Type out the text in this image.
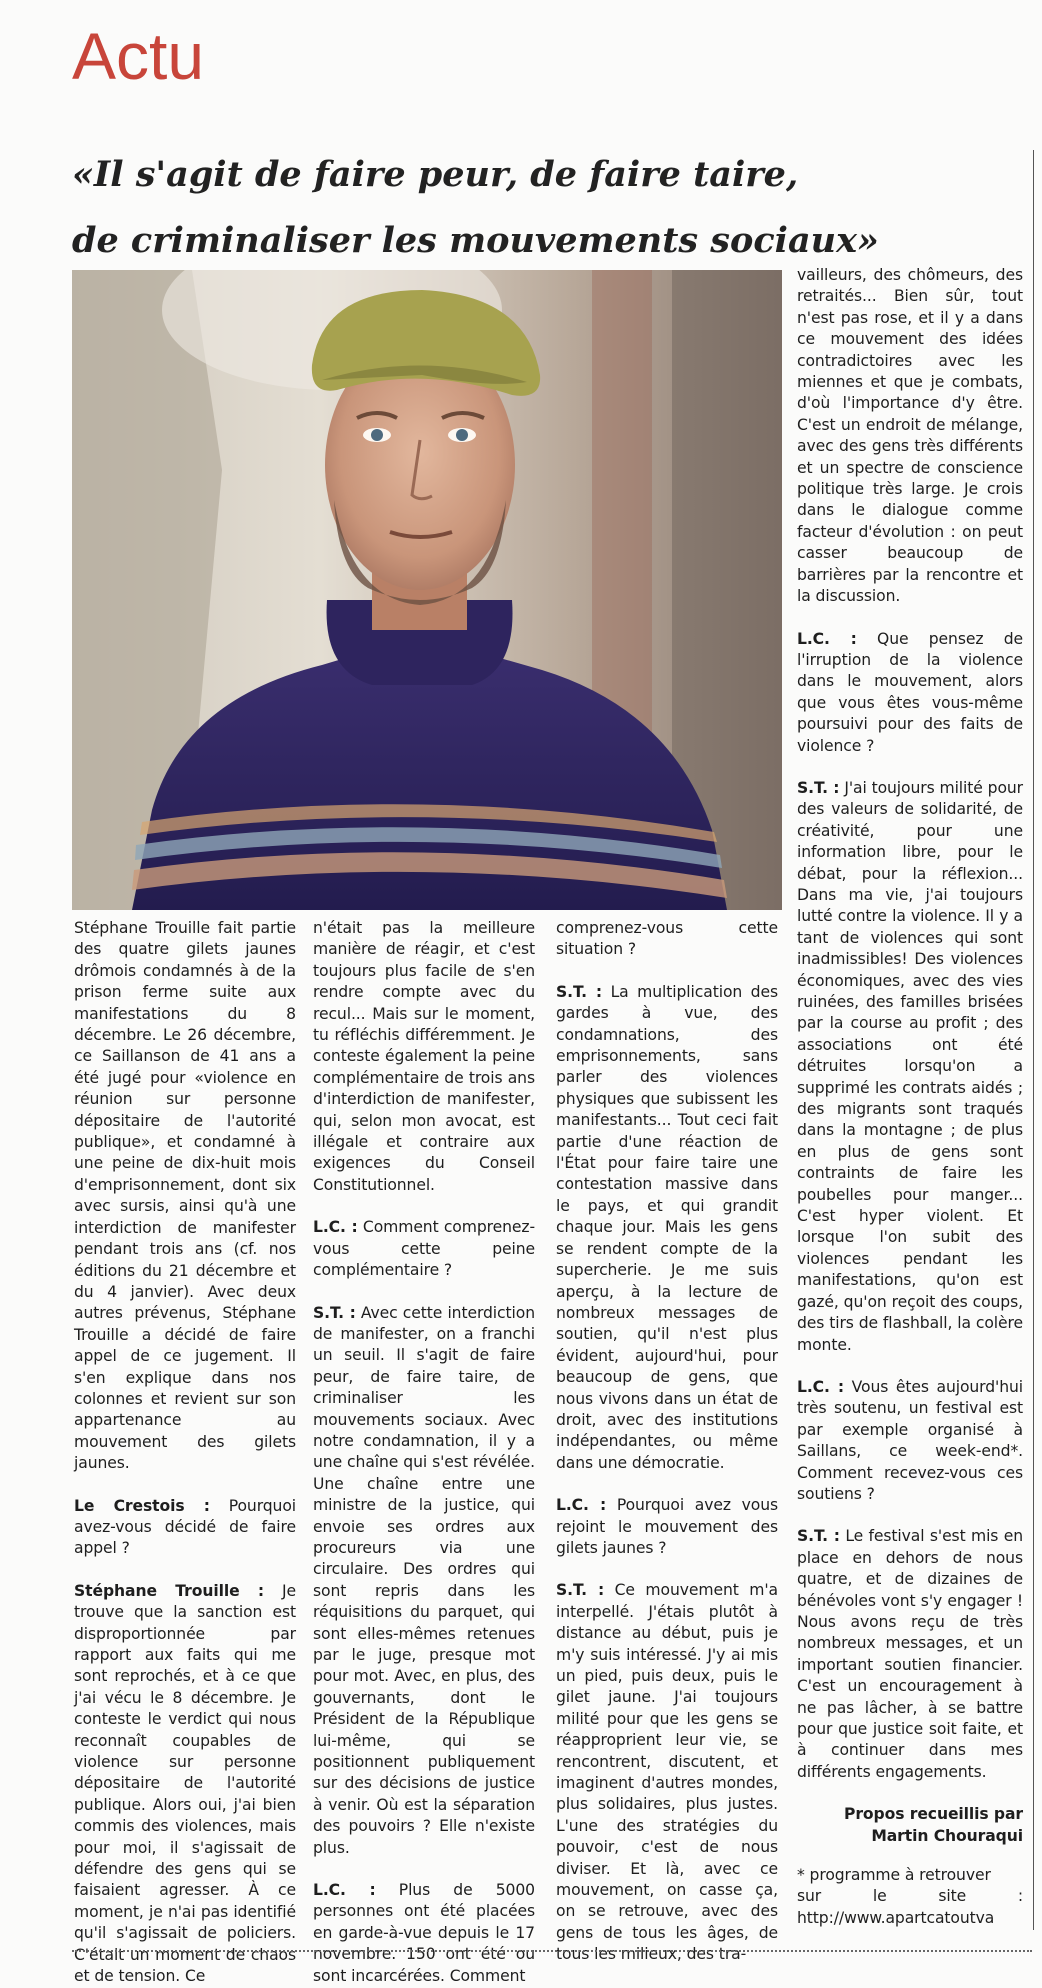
Actu
«Il s'agit de faire peur, de faire taire,
de criminaliser les mouvements sociaux»

Stéphane Trouille fait partie des quatre gilets jaunes drômois condamnés à de la prison ferme suite aux manifestations du 8 décembre. Le 26 décembre, ce Saillanson de 41 ans a été jugé pour «violence en réunion sur personne dépositaire de l'autorité publique», et condamné à une peine de dix-huit mois d'emprisonnement, dont six avec sursis, ainsi qu'à une interdiction de manifester pendant trois ans (cf. nos éditions du 21 décembre et du 4 janvier). Avec deux autres prévenus, Stéphane Trouille a décidé de faire appel de ce jugement. Il s'en explique dans nos colonnes et revient sur son appartenance au mouvement des gilets jaunes.

Le Crestois : Pourquoi avez-vous décidé de faire appel ?

Stéphane Trouille : Je trouve que la sanction est disproportionnée par rapport aux faits qui me sont reprochés, et à ce que j'ai vécu le 8 décembre. Je conteste le verdict qui nous reconnaît coupables de violence sur personne dépositaire de l'autorité publique. Alors oui, j'ai bien commis des violences, mais pour moi, il s'agissait de défendre des gens qui se faisaient agresser. À ce moment, je n'ai pas identifié qu'il s'agissait de policiers. C'était un moment de chaos et de tension. Ce

n'était pas la meilleure manière de réagir, et c'est toujours plus facile de s'en rendre compte avec du recul... Mais sur le moment, tu réfléchis différemment. Je conteste également la peine complémentaire de trois ans d'interdiction de manifester, qui, selon mon avocat, est illégale et contraire aux exigences du Conseil Constitutionnel.

L.C. : Comment comprenez-vous cette peine complémentaire ?

S.T. : Avec cette interdiction de manifester, on a franchi un seuil. Il s'agit de faire peur, de faire taire, de criminaliser les mouvements sociaux. Avec notre condamnation, il y a une chaîne qui s'est révélée. Une chaîne entre une ministre de la justice, qui envoie ses ordres aux procureurs via une circulaire. Des ordres qui sont repris dans les réquisitions du parquet, qui sont elles-mêmes retenues par le juge, presque mot pour mot. Avec, en plus, des gouvernants, dont le Président de la République lui-même, qui se positionnent publiquement sur des décisions de justice à venir. Où est la séparation des pouvoirs ? Elle n'existe plus.

L.C. : Plus de 5000 personnes ont été placées en garde-à-vue depuis le 17 novembre. 150 ont été ou sont incarcérées. Comment

comprenez-vous cette situation ?

S.T. : La multiplication des gardes à vue, des condamnations, des emprisonnements, sans parler des violences physiques que subissent les manifestants... Tout ceci fait partie d'une réaction de l'État pour faire taire une contestation massive dans le pays, et qui grandit chaque jour. Mais les gens se rendent compte de la supercherie. Je me suis aperçu, à la lecture de nombreux messages de soutien, qu'il n'est plus évident, aujourd'hui, pour beaucoup de gens, que nous vivons dans un état de droit, avec des institutions indépendantes, ou même dans une démocratie.

L.C. : Pourquoi avez vous rejoint le mouvement des gilets jaunes ?

S.T. : Ce mouvement m'a interpellé. J'étais plutôt à distance au début, puis je m'y suis intéressé. J'y ai mis un pied, puis deux, puis le gilet jaune. J'ai toujours milité pour que les gens se réapproprient leur vie, se rencontrent, discutent, et imaginent d'autres mondes, plus solidaires, plus justes. L'une des stratégies du pouvoir, c'est de nous diviser. Et là, avec ce mouvement, on casse ça, on se retrouve, avec des gens de tous les âges, de tous les milieux, des tra-

vailleurs, des chômeurs, des retraités... Bien sûr, tout n'est pas rose, et il y a dans ce mouvement des idées contradictoires avec les miennes et que je combats, d'où l'importance d'y être. C'est un endroit de mélange, avec des gens très différents et un spectre de conscience politique très large. Je crois dans le dialogue comme facteur d'évolution : on peut casser beaucoup de barrières par la rencontre et la discussion.

L.C. : Que pensez de l'irruption de la violence dans le mouvement, alors que vous êtes vous-même poursuivi pour des faits de violence ?

S.T. : J'ai toujours milité pour des valeurs de solidarité, de créativité, pour une information libre, pour le débat, pour la réflexion... Dans ma vie, j'ai toujours lutté contre la violence. Il y a tant de violences qui sont inadmissibles! Des violences économiques, avec des vies ruinées, des familles brisées par la course au profit ; des associations ont été détruites lorsqu'on a supprimé les contrats aidés ; des migrants sont traqués dans la montagne ; de plus en plus de gens sont contraints de faire les poubelles pour manger... C'est hyper violent. Et lorsque l'on subit des violences pendant les manifestations, qu'on est gazé, qu'on reçoit des coups, des tirs de flashball, la colère monte.

L.C. : Vous êtes aujourd'hui très soutenu, un festival est par exemple organisé à Saillans, ce week-end*. Comment recevez-vous ces soutiens ?

S.T. : Le festival s'est mis en place en dehors de nous quatre, et de dizaines de bénévoles vont s'y engager ! Nous avons reçu de très nombreux messages, et un important soutien financier. C'est un encouragement à ne pas lâcher, à se battre pour que justice soit faite, et à continuer dans mes différents engagements.

Propos recueillis par
Martin Chouraqui

* programme à retrouver
sur le site :
http://www.apartcatoutva
